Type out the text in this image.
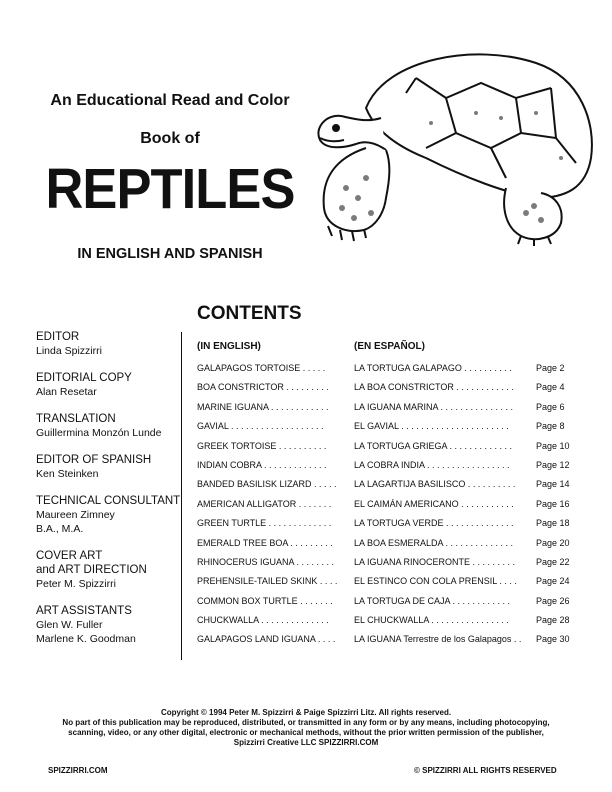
An Educational Read and Color
Book of
REPTILES
IN ENGLISH AND SPANISH
CONTENTS
EDITOR
Linda Spizzirri
EDITORIAL COPY
Alan Resetar
TRANSLATION
Guillermina Monzón Lunde
EDITOR OF SPANISH
Ken Steinken
TECHNICAL CONSULTANT
Maureen Zimney
B.A., M.A.
COVER ART
and ART DIRECTION
Peter M. Spizzirri
ART ASSISTANTS
Glen W. Fuller
Marlene K. Goodman
(IN ENGLISH)	(EN ESPAÑOL)
GALAPAGOS TORTOISE . . . . .	LA TORTUGA GALAPAGO . . . . . . . . . .	Page 2
BOA CONSTRICTOR . . . . . . . . .	LA BOA CONSTRICTOR . . . . . . . . . . . . Page 4
MARINE IGUANA . . . . . . . . . . . .	LA IGUANA MARINA . . . . . . . . . . . . . . .	Page 6
GAVIAL . . . . . . . . . . . . . . . . . . .	EL GAVIAL . . . . . . . . . . . . . . . . . . . . . .	Page 8
GREEK TORTOISE . . . . . . . . . .	LA TORTUGA GRIEGA . . . . . . . . . . . . .	Page 10
INDIAN COBRA . . . . . . . . . . . . .	LA COBRA INDIA . . . . . . . . . . . . . . . . .	Page 12
BANDED BASILISK LIZARD . . . . . LA LAGARTIJA BASILISCO . . . . . . . . . . Page 14
AMERICAN ALLIGATOR . . . . . . .	EL CAIMÁN AMERICANO . . . . . . . . . . . Page 16
GREEN TURTLE . . . . . . . . . . . . .	LA TORTUGA VERDE . . . . . . . . . . . . . . Page 18
EMERALD TREE BOA . . . . . . . . . LA BOA ESMERALDA . . . . . . . . . . . . . .	Page 20
RHINOCERUS IGUANA . . . . . . . . LA IGUANA RINOCERONTE . . . . . . . . . Page 22
PREHENSILE-TAILED SKINK . . . . EL ESTINCO CON COLA PRENSIL . . . . Page 24
COMMON BOX TURTLE . . . . . . . LA TORTUGA DE CAJA . . . . . . . . . . . .	Page 26
CHUCKWALLA . . . . . . . . . . . . . .	EL CHUCKWALLA . . . . . . . . . . . . . . . .	Page 28
GALAPAGOS LAND IGUANA . . . . LA IGUANA Terrestre de los Galapagos . . Page 30
Copyright © 1994 Peter M. Spizzirri & Paige Spizzirri Litz. All rights reserved.
No part of this publication may be reproduced, distributed, or transmitted in any form or by any means, including photocopying,
scanning, video, or any other digital, electronic or mechanical methods, without the prior written permission of the publisher,
Spizzirri Creative LLC SPIZZIRRI.COM
SPIZZIRRI.COM	© SPIZZIRRI ALL RIGHTS RESERVED
